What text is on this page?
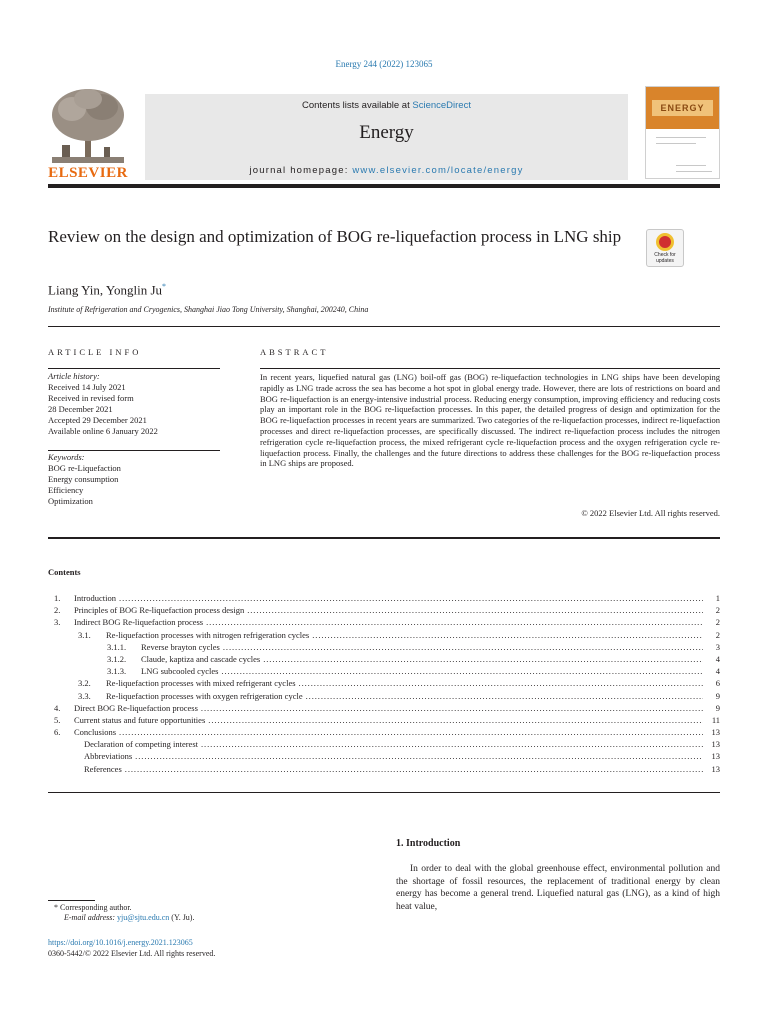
Energy 244 (2022) 123065
ELSEVIER
Contents lists available at ScienceDirect
Energy
journal homepage: www.elsevier.com/locate/energy
ENERGY
Review on the design and optimization of BOG re-liquefaction process in LNG ship
Check for updates
Liang Yin, Yonglin Ju*
Institute of Refrigeration and Cryogenics, Shanghai Jiao Tong University, Shanghai, 200240, China
ARTICLE INFO	ABSTRACT
Article history:
Received 14 July 2021
Received in revised form
28 December 2021
Accepted 29 December 2021
Available online 6 January 2022
Keywords:
BOG re-Liquefaction
Energy consumption
Efficiency
Optimization
In recent years, liquefied natural gas (LNG) boil-off gas (BOG) re-liquefaction technologies in LNG ships have been developing rapidly as LNG trade across the sea has become a hot spot in global energy trade. However, there are lots of restrictions on board and BOG re-liquefaction is an energy-intensive industrial process. Reducing energy consumption, improving efficiency and reducing costs play an important role in the BOG re-liquefaction processes. In this paper, the detailed progress of design and optimization for the BOG re-liquefaction processes in recent years are summarized. Two categories of the re-liquefaction processes, indirect re-liquefaction processes and direct re-liquefaction processes, are specifically discussed. The indirect re-liquefaction process includes the nitrogen refrigeration cycle re-liquefaction process, the mixed refrigerant cycle re-liquefaction process and the oxygen refrigeration cycle re-liquefaction process. Finally, the challenges and the future directions to address these challenges for the BOG re-liquefaction process in LNG ships are proposed.
© 2022 Elsevier Ltd. All rights reserved.
Contents
1.	Introduction . . .	1
2.	Principles of BOG Re-liquefaction process design . . .	2
3.	Indirect BOG Re-liquefaction process . . .	2
3.1.	Re-liquefaction processes with nitrogen refrigeration cycles . . .	2
3.1.1.	Reverse brayton cycles . . .	3
3.1.2.	Claude, kaptiza and cascade cycles . . .	4
3.1.3.	LNG subcooled cycles . . .	4
3.2.	Re-liquefaction processes with mixed refrigerant cycles . . .	6
3.3.	Re-liquefaction processes with oxygen refrigeration cycle . . .	9
4.	Direct BOG Re-liquefaction process . . .	9
5.	Current status and future opportunities . . .	11
6.	Conclusions . . .	13
Declaration of competing interest . . .	13
Abbreviations . . .	13
References . . .	13
1. Introduction
In order to deal with the global greenhouse effect, environmental pollution and the shortage of fossil resources, the replacement of traditional energy by clean energy has become a general trend. Liquefied natural gas (LNG), as a kind of high heat value,
* Corresponding author.
E-mail address: yju@sjtu.edu.cn (Y. Ju).
https://doi.org/10.1016/j.energy.2021.123065
0360-5442/© 2022 Elsevier Ltd. All rights reserved.
